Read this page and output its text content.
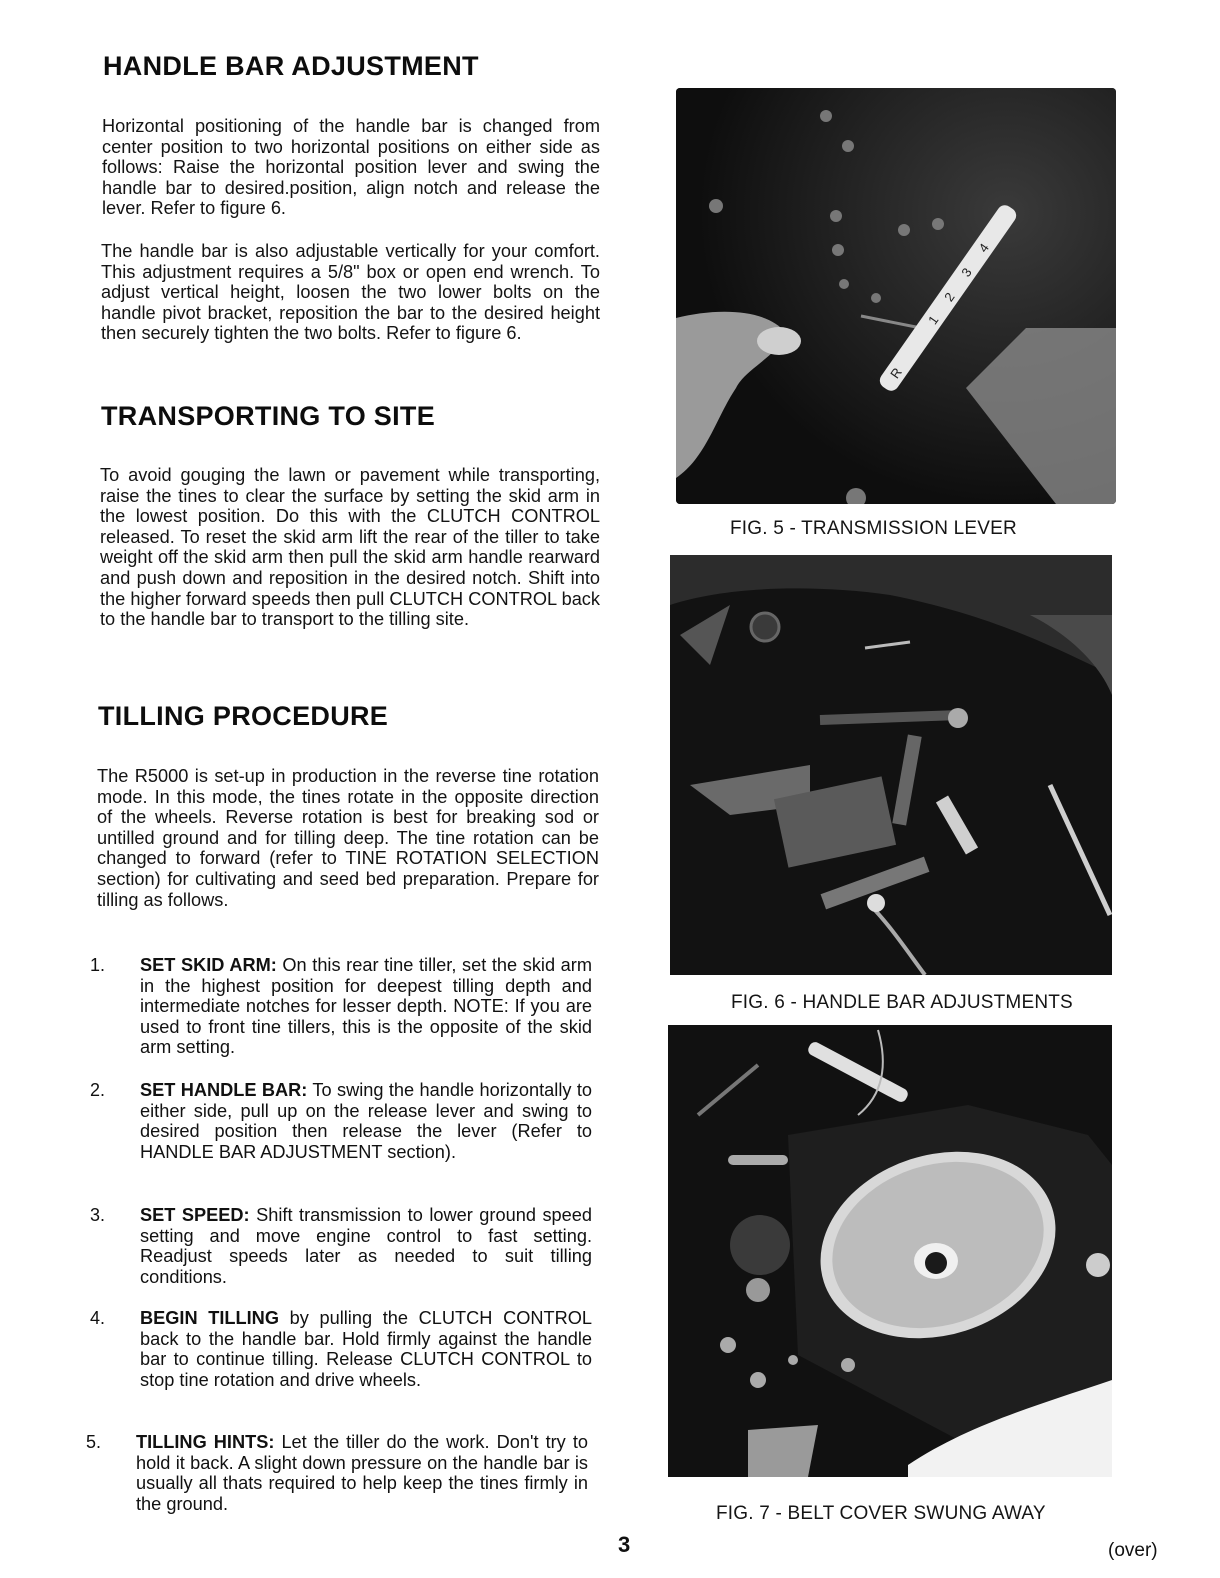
HANDLE BAR ADJUSTMENT

Horizontal positioning of the handle bar is changed from center position to two horizontal positions on either side as follows: Raise the horizontal position lever and swing the handle bar to desired.position, align notch and release the lever. Refer to figure 6.

The handle bar is also adjustable vertically for your comfort. This adjustment requires a 5/8" box or open end wrench. To adjust vertical height, loosen the two lower bolts on the handle pivot bracket, reposition the bar to the desired height then securely tighten the two bolts. Refer to figure 6.

TRANSPORTING TO SITE

To avoid gouging the lawn or pavement while transporting, raise the tines to clear the surface by setting the skid arm in the lowest position. Do this with the CLUTCH CONTROL released. To reset the skid arm lift the rear of the tiller to take weight off the skid arm then pull the skid arm handle rearward and push down and reposition in the desired notch. Shift into the higher forward speeds then pull CLUTCH CONTROL back to the handle bar to transport to the tilling site.

TILLING PROCEDURE

The R5000 is set-up in production in the reverse tine rotation mode. In this mode, the tines rotate in the opposite direction of the wheels. Reverse rotation is best for breaking sod or untilled ground and for tilling deep. The tine rotation can be changed to forward (refer to TINE ROTATION SELECTION section) for cultivating and seed bed preparation. Prepare for tilling as follows.

1. SET SKID ARM: On this rear tine tiller, set the skid arm in the highest position for deepest tilling depth and intermediate notches for lesser depth. NOTE: If you are used to front tine tillers, this is the opposite of the skid arm setting.

2. SET HANDLE BAR: To swing the handle horizontally to either side, pull up on the release lever and swing to desired position then release the lever (Refer to HANDLE BAR ADJUSTMENT section).

3. SET SPEED: Shift transmission to lower ground speed setting and move engine control to fast setting. Readjust speeds later as needed to suit tilling conditions.

4. BEGIN TILLING by pulling the CLUTCH CONTROL back to the handle bar. Hold firmly against the handle bar to continue tilling. Release CLUTCH CONTROL to stop tine rotation and drive wheels.

5. TILLING HINTS: Let the tiller do the work. Don't try to hold it back. A slight down pressure on the handle bar is usually all thats required to help keep the tines firmly in the ground.

R
1
2
3
4
FIG. 5 - TRANSMISSION LEVER
FIG. 6 - HANDLE BAR ADJUSTMENTS
FIG. 7 - BELT COVER SWUNG AWAY
3	(over)
